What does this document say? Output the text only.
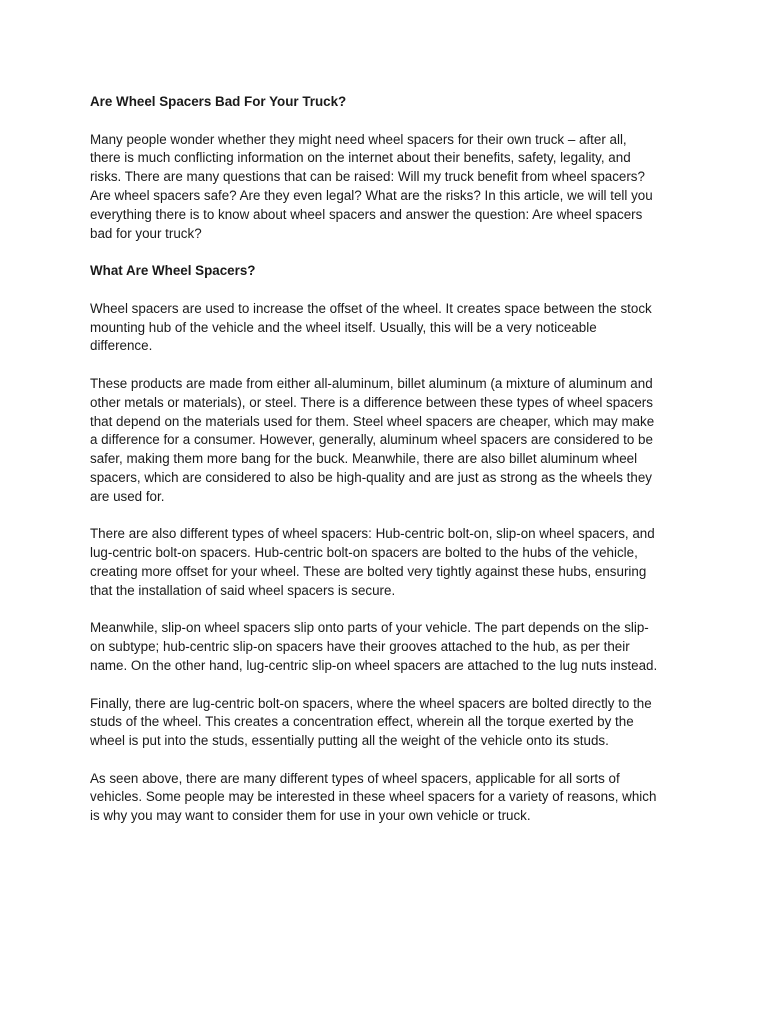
Are Wheel Spacers Bad For Your Truck?
Many people wonder whether they might need wheel spacers for their own truck – after all,
there is much conflicting information on the internet about their benefits, safety, legality, and
risks. There are many questions that can be raised: Will my truck benefit from wheel spacers?
Are wheel spacers safe? Are they even legal? What are the risks? In this article, we will tell you
everything there is to know about wheel spacers and answer the question: Are wheel spacers
bad for your truck?
What Are Wheel Spacers?
Wheel spacers are used to increase the offset of the wheel. It creates space between the stock
mounting hub of the vehicle and the wheel itself. Usually, this will be a very noticeable
difference.
These products are made from either all-aluminum, billet aluminum (a mixture of aluminum and
other metals or materials), or steel. There is a difference between these types of wheel spacers
that depend on the materials used for them. Steel wheel spacers are cheaper, which may make
a difference for a consumer. However, generally, aluminum wheel spacers are considered to be
safer, making them more bang for the buck. Meanwhile, there are also billet aluminum wheel
spacers, which are considered to also be high-quality and are just as strong as the wheels they
are used for.
There are also different types of wheel spacers: Hub-centric bolt-on, slip-on wheel spacers, and
lug-centric bolt-on spacers. Hub-centric bolt-on spacers are bolted to the hubs of the vehicle,
creating more offset for your wheel. These are bolted very tightly against these hubs, ensuring
that the installation of said wheel spacers is secure.
Meanwhile, slip-on wheel spacers slip onto parts of your vehicle. The part depends on the slip-
on subtype; hub-centric slip-on spacers have their grooves attached to the hub, as per their
name. On the other hand, lug-centric slip-on wheel spacers are attached to the lug nuts instead.
Finally, there are lug-centric bolt-on spacers, where the wheel spacers are bolted directly to the
studs of the wheel. This creates a concentration effect, wherein all the torque exerted by the
wheel is put into the studs, essentially putting all the weight of the vehicle onto its studs.
As seen above, there are many different types of wheel spacers, applicable for all sorts of
vehicles. Some people may be interested in these wheel spacers for a variety of reasons, which
is why you may want to consider them for use in your own vehicle or truck.
